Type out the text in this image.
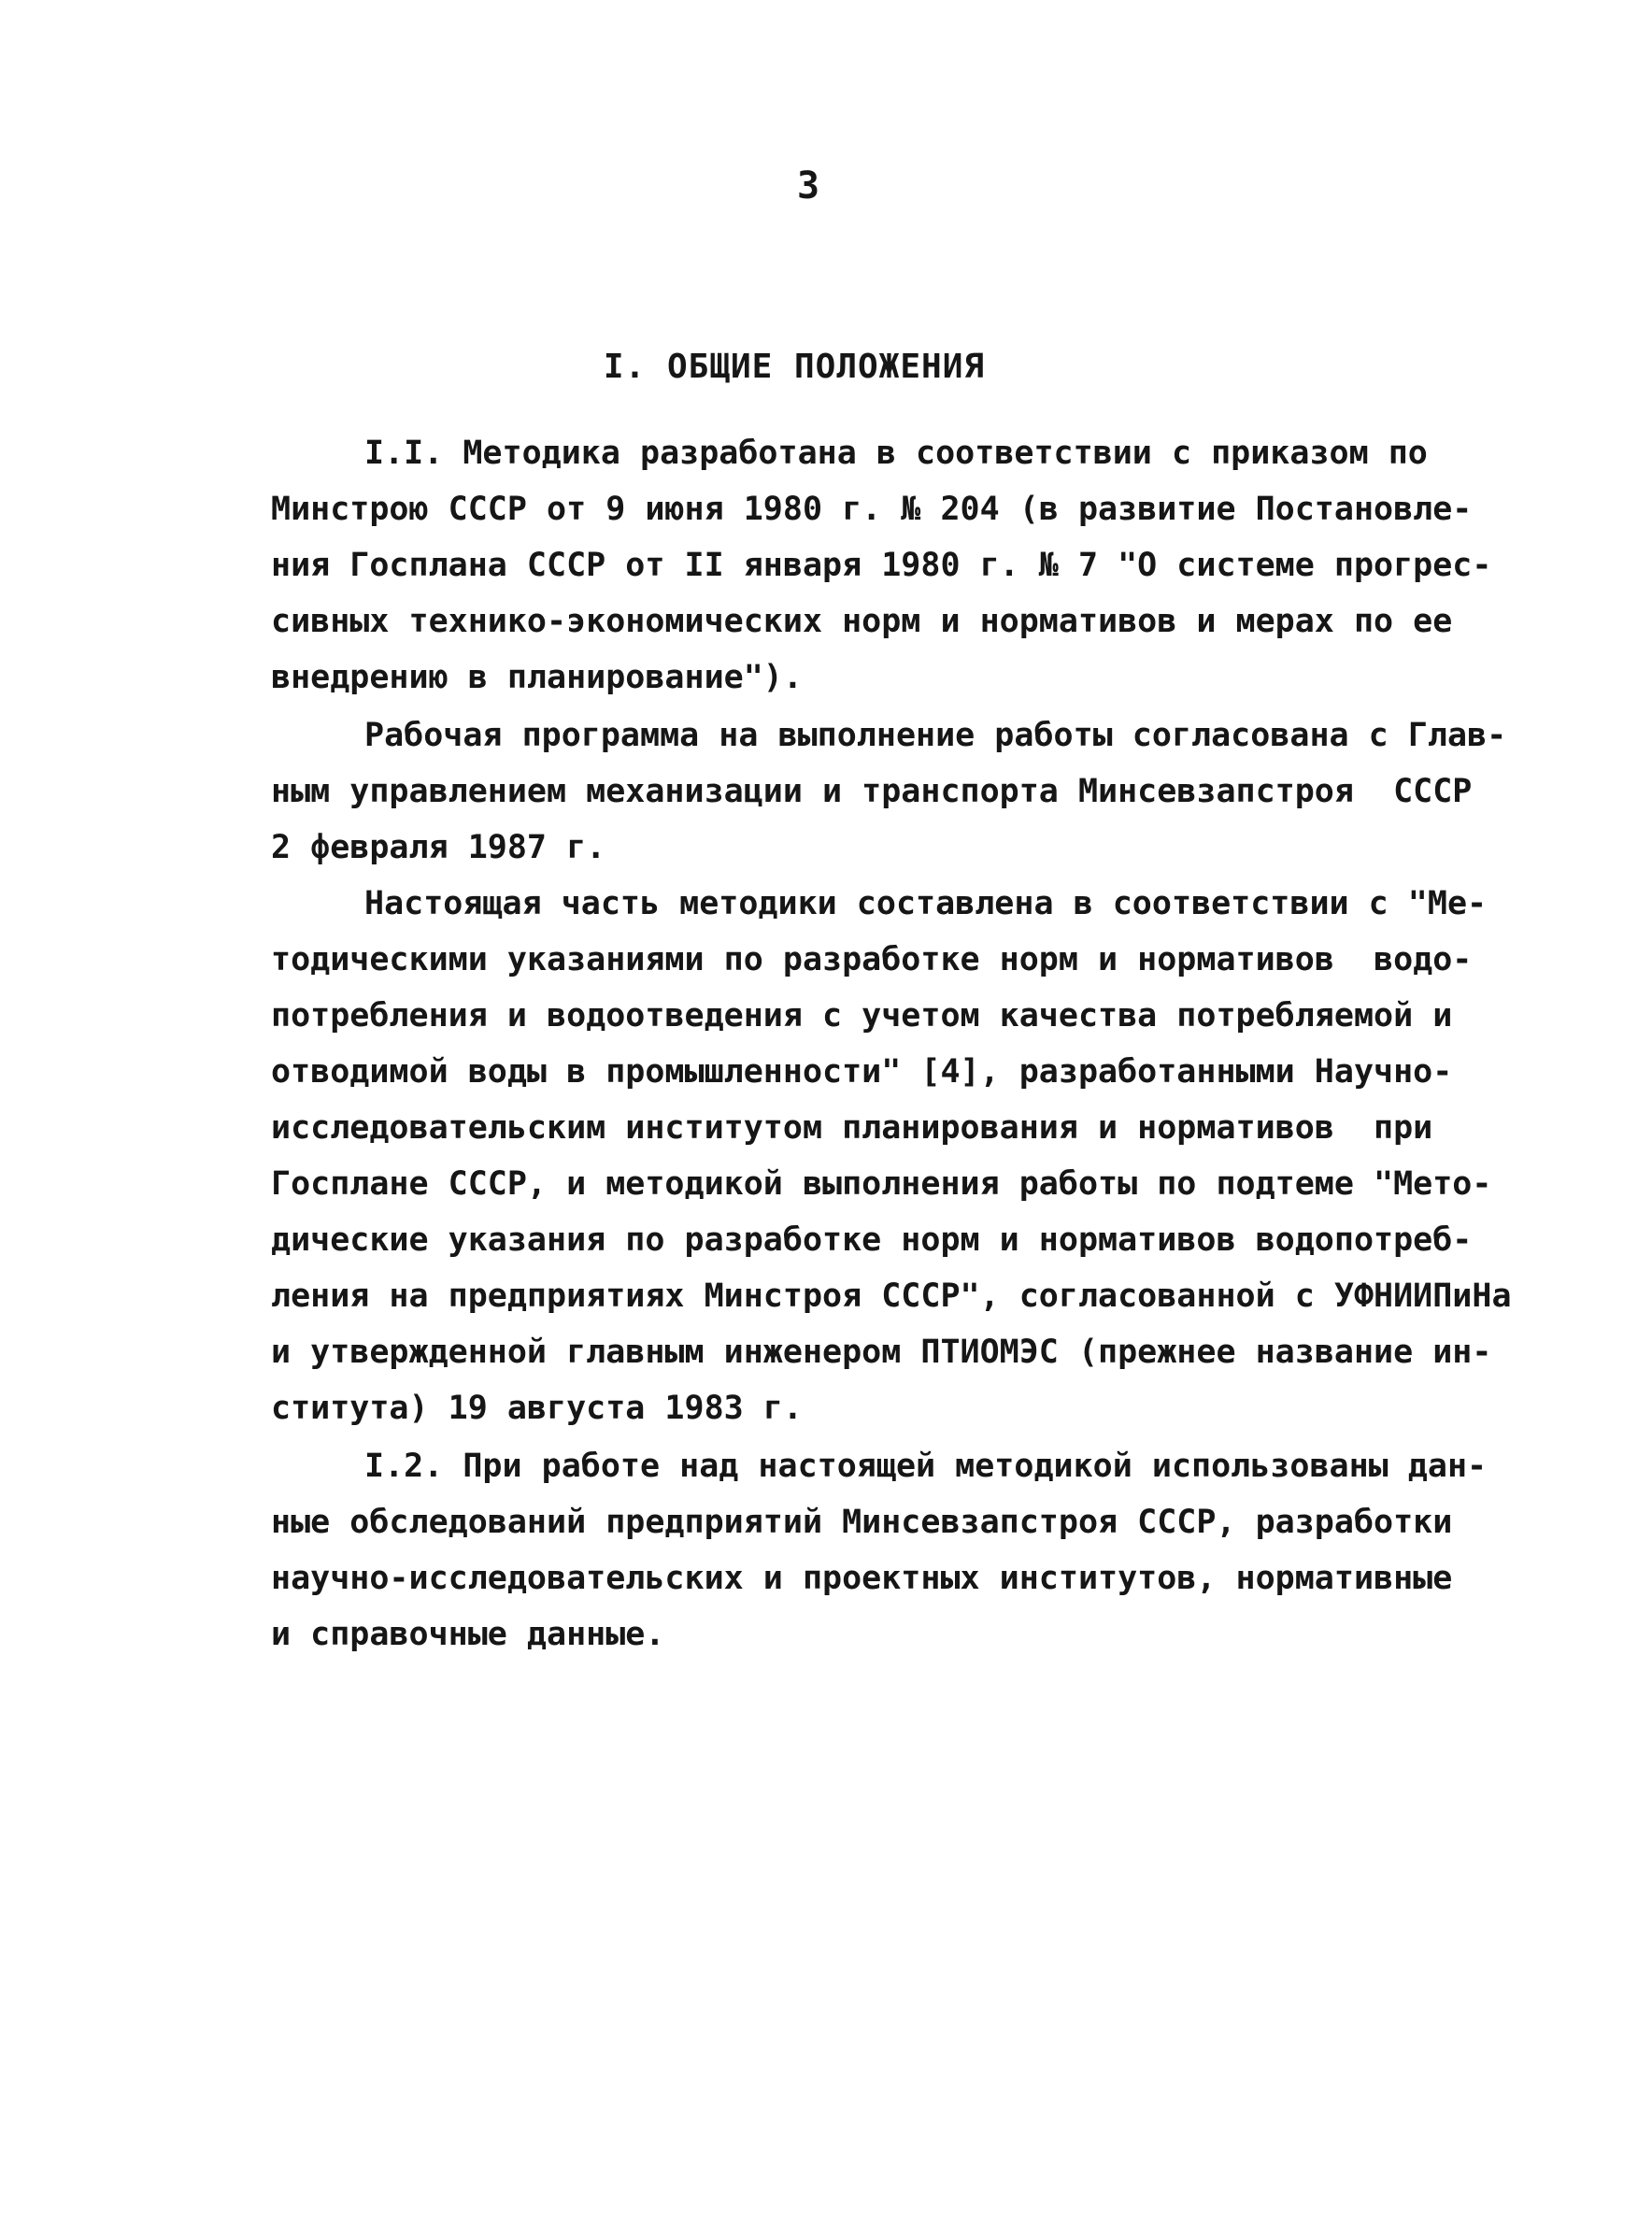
3
I. ОБЩИЕ ПОЛОЖЕНИЯ
I.I. Методика разработана в соответствии с приказом по
Минстрою СССР от 9 июня 1980 г. № 204 (в развитие Постановле-
ния Госплана СССР от II января 1980 г. № 7 "О системе прогрес-
сивных технико-экономических норм и нормативов и мерах по ее
внедрению в планирование").
Рабочая программа на выполнение работы согласована с Глав-
ным управлением механизации и транспорта Минсевзапстроя  СССР
2 февраля 1987 г.
Настоящая часть методики составлена в соответствии с "Ме-
тодическими указаниями по разработке норм и нормативов  водо-
потребления и водоотведения с учетом качества потребляемой и
отводимой воды в промышленности" [4], разработанными Научно-
исследовательским институтом планирования и нормативов  при
Госплане СССР, и методикой выполнения работы по подтеме "Мето-
дические указания по разработке норм и нормативов водопотреб-
ления на предприятиях Минстроя СССР", согласованной с УФНИИПиНа
и утвержденной главным инженером ПТИОМЭС (прежнее название ин-
ститута) 19 августа 1983 г.
I.2. При работе над настоящей методикой использованы дан-
ные обследований предприятий Минсевзапстроя СССР, разработки
научно-исследовательских и проектных институтов, нормативные
и справочные данные.
